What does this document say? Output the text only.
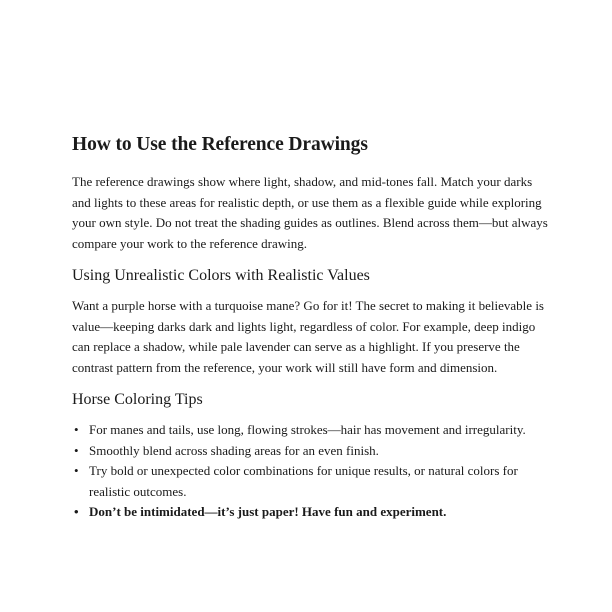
How to Use the Reference Drawings

The reference drawings show where light, shadow, and mid-tones fall. Match your darks and lights to these areas for realistic depth, or use them as a flexible guide while exploring your own style. Do not treat the shading guides as outlines. Blend across them—but always compare your work to the reference drawing.

Using Unrealistic Colors with Realistic Values

Want a purple horse with a turquoise mane? Go for it! The secret to making it believable is value—keeping darks dark and lights light, regardless of color. For example, deep indigo can replace a shadow, while pale lavender can serve as a highlight. If you preserve the contrast pattern from the reference, your work will still have form and dimension.

Horse Coloring Tips
• For manes and tails, use long, flowing strokes—hair has movement and irregularity.
• Smoothly blend across shading areas for an even finish.
• Try bold or unexpected color combinations for unique results, or natural colors for realistic outcomes.
• Don’t be intimidated—it’s just paper! Have fun and experiment.
